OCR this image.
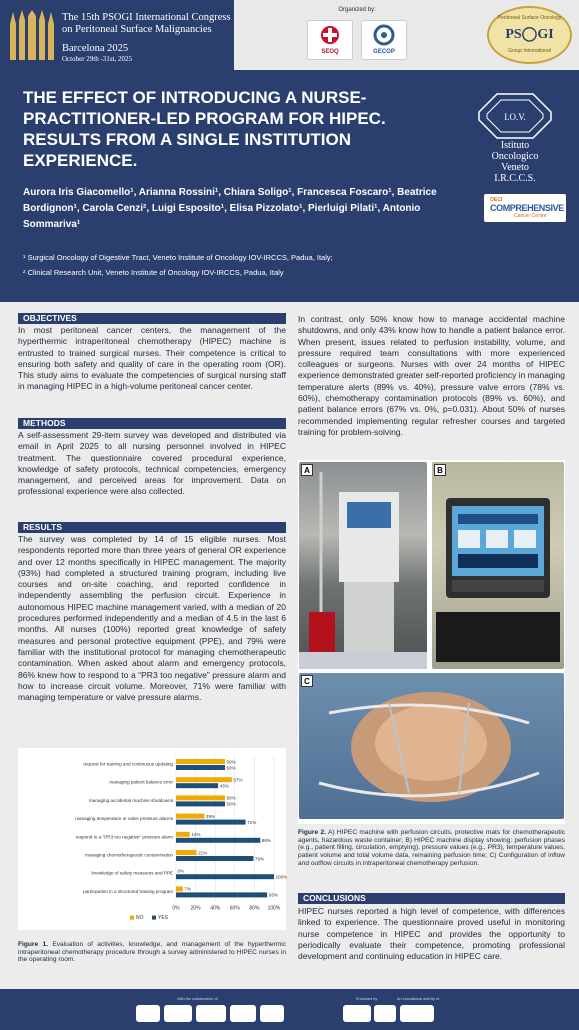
The 15th PSOGI International Congress
on Peritoneal Surface Malignancies
Barcelona 2025
October 29th -31st, 2025
Organized by:
SEOQ	GECOP
Peritoneal Surface Oncology
PS◯GI
Group International
THE EFFECT OF INTRODUCING A NURSE-PRACTITIONER-LED PROGRAM FOR HIPEC. RESULTS FROM A SINGLE INSTITUTION EXPERIENCE.
Aurora Iris Giacomello¹, Arianna Rossini¹, Chiara Soligo¹, Francesca Foscaro¹, Beatrice Bordignon¹, Carola Cenzi², Luigi Esposito¹, Elisa Pizzolato¹, Pierluigi Pilati¹, Antonio Sommariva¹
¹ Surgical Oncology of Digestive Tract, Veneto Institute of Oncology IOV-IRCCS, Padua, Italy;
² Clinical Research Unit, Veneto Institute of Oncology IOV-IRCCS, Padua, Italy
I.O.V.
Istituto
Oncologico
Veneto
I.R.C.C.S.
OECI
COMPREHENSIVE
Cancer Centre
OBJECTIVES
In most peritoneal cancer centers, the management of the hyperthermic intraperitoneal chemotherapy (HIPEC) machine is entrusted to trained surgical nurses. Their competence is critical to ensuring both safety and quality of care in the operating room (OR). This study aims to evaluate the competencies of surgical nursing staff in managing HIPEC in a high-volume peritoneal cancer center.
METHODS
A self-assessment 29-item survey was developed and distributed via email in April 2025 to all nursing personnel involved in HIPEC treatment. The questionnaire covered procedural experience, knowledge of safety protocols, technical competencies, emergency management, and perceived areas for improvement. Data on professional experience were also collected.
RESULTS
The survey was completed by 14 of 15 eligible nurses. Most respondents reported more than three years of general OR experience and over 12 months specifically in HIPEC management. The majority (93%) had completed a structured training program, including live courses and on-site coaching, and reported confidence in independently assembling the perfusion circuit. Experience in autonomous HIPEC machine management varied, with a median of 20 procedures performed independently and a median of 4.5 in the last 6 months. All nurses (100%) reported great knowledge of safety measures and personal protective equipment (PPE), and 79% were familiar with the institutional protocol for managing chemotherapeutic contamination. When asked about alarm and emergency protocols, 86% knew how to respond to a “PR3 too negative” pressure alarm and how to increase circuit volume. Moreover, 71% were familiar with managing temperature or valve pressure alarms.
0% 20% 40% 60% 80% 100%
request for training and continuous updating	50%
50%
managing patient balance error	57%
43%
managing accidental machine shutdowns	50%
50%
managing temperature or valve pressure alarms	29%
71%
respond to a "PR3 too negative" pressure alarm	14%
86%
managing chemotherapeutic contamination	21%
79%
knowledge of safety measures and PPE 0%
100%
participation in a structured training program 7%
93%
NO	YES
Figure 1. Evaluation of activities, knowledge, and management of the hyperthermic intraperitoneal chemotherapy procedure through a survey administered to HIPEC nurses in the operating room.
In contrast, only 50% know how to manage accidental machine shutdowns, and only 43% know how to handle a patient balance error. When present, issues related to perfusion instability, volume, and pressure required team consultations with more experienced colleagues or surgeons. Nurses with over 24 months of HIPEC experience demonstrated greater self-reported proficiency in managing temperature alerts (89% vs. 40%), pressure valve errors (78% vs. 60%), chemotherapy contamination protocols (89% vs. 60%), and patient balance errors (67% vs. 0%, p=0.031). About 50% of nurses recommended implementing regular refresher courses and targeted training for problem-solving.
A	B
C
Figure 2. A) HIPEC machine with perfusion circuits, protective mats for chemotherapeutic agents, hazardous waste container; B) HIPEC machine display showing: perfusion phases (e.g., patient filling, circulation, emptying), pressure values (e.g., PR3), temperature values, patient volume and total volume data, remaining perfusion time; C) Configuration of inflow and outflow circuits in intraperitoneal chemotherapy perfusion.
CONCLUSIONS
HIPEC nurses reported a high level of competence, with differences linked to experience. The questionnaire proved useful in monitoring nurse competence in HIPEC and provides the opportunity to periodically evaluate their competence, promoting professional development and continuing education in HIPEC care.
With the collaboration of	Endorsed by	An educational activity of
